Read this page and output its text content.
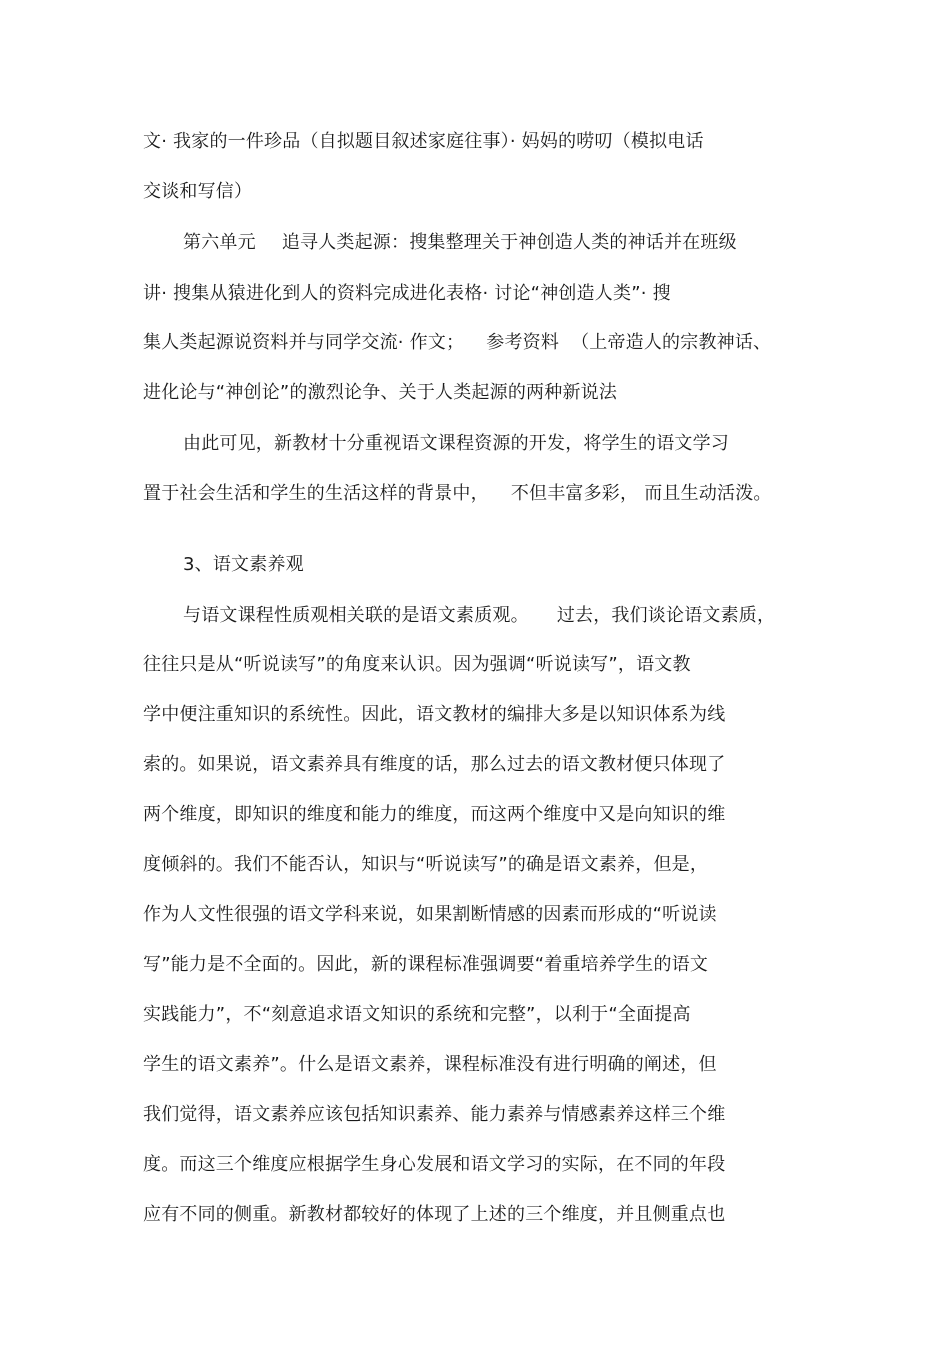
文· 我家的一件珍品（自拟题目叙述家庭往事）· 妈妈的唠叨（模拟电话
交谈和写信）
第六单元 追寻人类起源：搜集整理关于神创造人类的神话并在班级
讲· 搜集从猿进化到人的资料完成进化表格· 讨论“神创造人类”· 搜
集人类起源说资料并与同学交流· 作文； 参考资料 （上帝造人的宗教神话、
进化论与“神创论”的激烈论争、关于人类起源的两种新说法
由此可见，新教材十分重视语文课程资源的开发，将学生的语文学习
置于社会生活和学生的生活这样的背景中， 不但丰富多彩， 而且生动活泼。
3、语文素养观
与语文课程性质观相关联的是语文素质观。 过去，我们谈论语文素质，
往往只是从“听说读写”的角度来认识。因为强调“听说读写”，语文教
学中便注重知识的系统性。因此，语文教材的编排大多是以知识体系为线
索的。如果说，语文素养具有维度的话，那么过去的语文教材便只体现了
两个维度，即知识的维度和能力的维度，而这两个维度中又是向知识的维
度倾斜的。我们不能否认，知识与“听说读写”的确是语文素养，但是，
作为人文性很强的语文学科来说，如果割断情感的因素而形成的“听说读
写”能力是不全面的。因此，新的课程标准强调要“着重培养学生的语文
实践能力”，不“刻意追求语文知识的系统和完整”，以利于“全面提高
学生的语文素养”。什么是语文素养，课程标准没有进行明确的阐述，但
我们觉得，语文素养应该包括知识素养、能力素养与情感素养这样三个维
度。而这三个维度应根据学生身心发展和语文学习的实际，在不同的年段
应有不同的侧重。新教材都较好的体现了上述的三个维度，并且侧重点也
